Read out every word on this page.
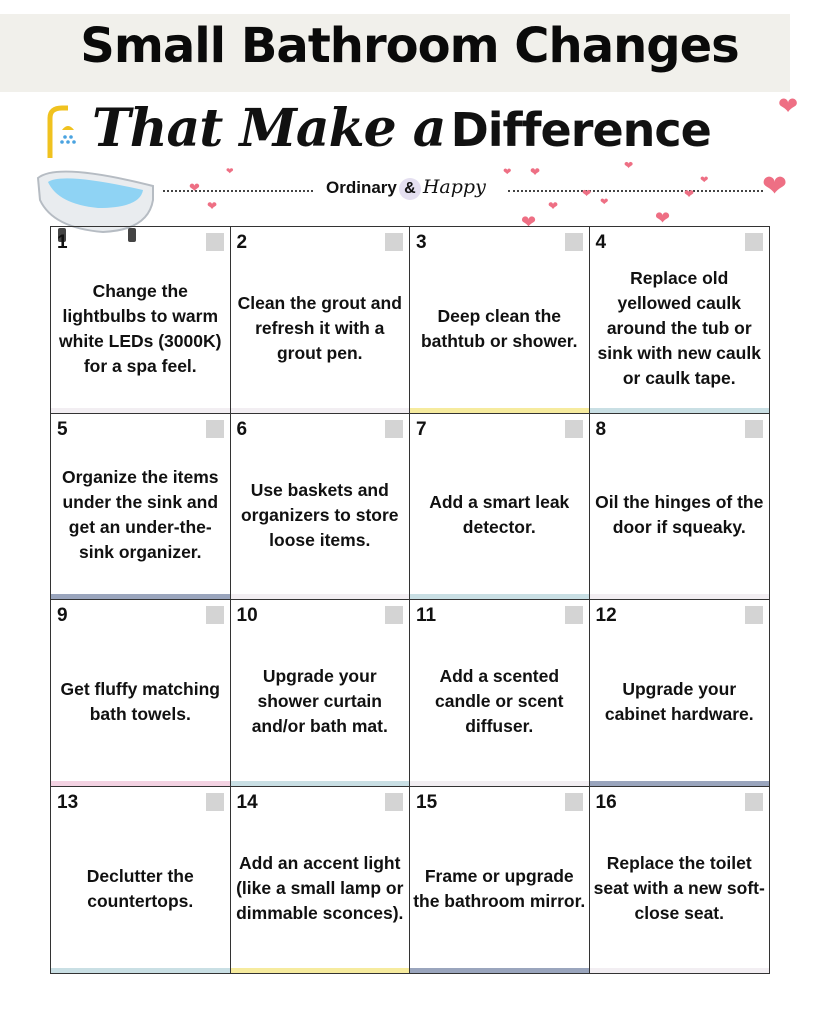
Small Bathroom Changes
That Make a Difference
Ordinary & Happy
❤
❤
❤
❤
❤
❤
❤
❤
❤
❤
❤
❤
❤
❤
❤
1
Change the lightbulbs to warm white LEDs (3000K) for a spa feel.
2
Clean the grout and refresh it with a grout pen.
3
Deep clean the bathtub or shower.
4
Replace old yellowed caulk around the tub or sink with new caulk or caulk tape.
5
Organize the items under the sink and get an under-the-sink organizer.
6
Use baskets and organizers to store loose items.
7
Add a smart leak detector.
8
Oil the hinges of the door if squeaky.
9
Get fluffy matching bath towels.
10
Upgrade your shower curtain and/or bath mat.
11
Add a scented candle or scent diffuser.
12
Upgrade your cabinet hardware.
13
Declutter the countertops.
14
Add an accent light (like a small lamp or dimmable sconces).
15
Frame or upgrade the bathroom mirror.
16
Replace the toilet seat with a new soft-close seat.
